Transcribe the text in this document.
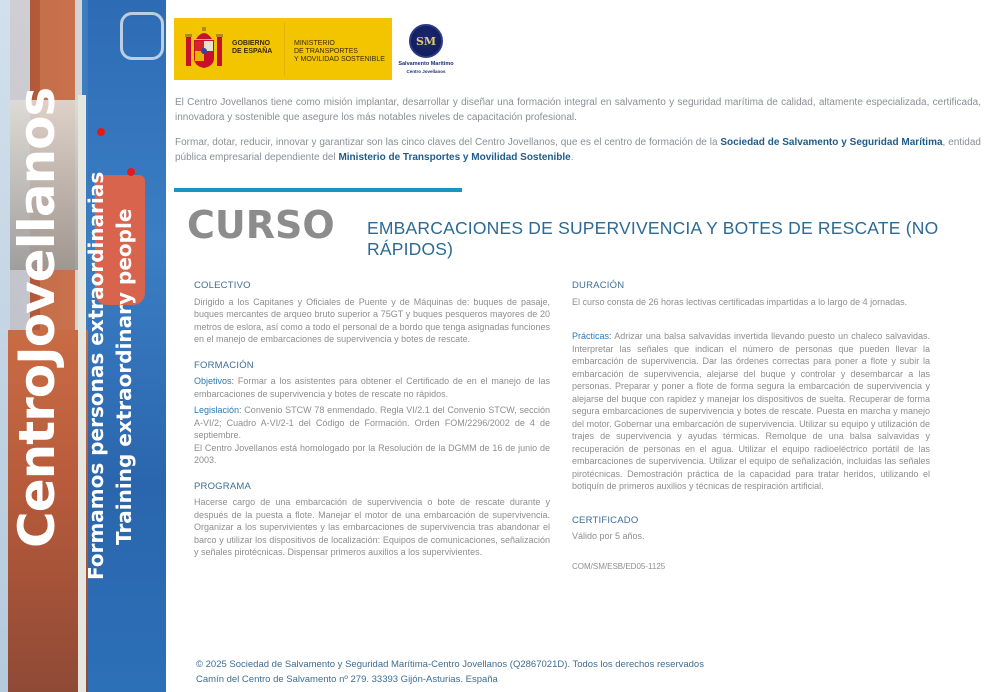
CentroJovellanos Formamos personas extraordinarias Training extraordinary people
GOBIERNO
DE ESPAÑA
MINISTERIO
DE TRANSPORTES
Y MOVILIDAD SOSTENIBLE
SM
Salvamento Marítimo
Centro Jovellanos

El Centro Jovellanos tiene como misión implantar, desarrollar y diseñar una formación integral en salvamento y seguridad marítima de calidad, altamente especializada, certificada, innovadora y sostenible que asegure los más notables niveles de capacitación profesional.

Formar, dotar, reducir, innovar y garantizar son las cinco claves del Centro Jovellanos, que es el centro de formación de la Sociedad de Salvamento y Seguridad Marítima, entidad pública empresarial dependiente del Ministerio de Transportes y Movilidad Sostenible.

CURSO EMBARCACIONES DE SUPERVIVENCIA Y BOTES DE RESCATE (NO RÁPIDOS)
COLECTIVO
Dirigido a los Capitanes y Oficiales de Puente y de Máquinas de: buques de pasaje, buques mercantes de arqueo bruto superior a 75GT y buques pesqueros mayores de 20 metros de eslora, así como a todo el personal de a bordo que tenga asignadas funciones en el manejo de embarcaciones de supervivencia y botes de rescate.
FORMACIÓN
Objetivos: Formar a los asistentes para obtener el Certificado de en el manejo de las embarcaciones de supervivencia y botes de rescate no rápidos.
Legislación: Convenio STCW 78 enmendado. Regla VI/2.1 del Convenio STCW, sección A-VI/2; Cuadro A-VI/2-1 del Código de Formación. Orden FOM/2296/2002 de 4 de septiembre.
El Centro Jovellanos está homologado por la Resolución de la DGMM de 16 de junio de 2003.
PROGRAMA
Hacerse cargo de una embarcación de supervivencia o bote de rescate durante y después de la puesta a flote. Manejar el motor de una embarcación de supervivencia. Organizar a los supervivientes y las embarcaciones de supervivencia tras abandonar el barco y utilizar los dispositivos de localización: Equipos de comunicaciones, señalización y señales pirotécnicas. Dispensar primeros auxilios a los supervivientes.
DURACIÓN
El curso consta de 26 horas lectivas certificadas impartidas a lo largo de 4 jornadas.
Prácticas: Adrizar una balsa salvavidas invertida llevando puesto un chaleco salvavidas. Interpretar las señales que indican el número de personas que pueden llevar la embarcación de supervivencia. Dar las órdenes correctas para poner a flote y subir la embarcación de supervivencia, alejarse del buque y controlar y desembarcar a las personas. Preparar y poner a flote de forma segura la embarcación de supervivencia y alejarse del buque con rapidez y manejar los dispositivos de suelta. Recuperar de forma segura embarcaciones de supervivencia y botes de rescate. Puesta en marcha y manejo del motor. Gobernar una embarcación de supervivencia. Utilizar su equipo y utilización de trajes de supervivencia y ayudas térmicas. Remolque de una balsa salvavidas y recuperación de personas en el agua. Utilizar el equipo radioeléctrico portátil de las embarcaciones de supervivencia. Utilizar el equipo de señalización, incluidas las señales pirotécnicas. Demostración práctica de la capacidad para tratar heridos, utilizando el botiquín de primeros auxilios y técnicas de respiración artificial.
CERTIFICADO
Válido por 5 años.
COM/SM/ESB/ED05-1125
© 2025 Sociedad de Salvamento y Seguridad Marítima-Centro Jovellanos (Q2867021D). Todos los derechos reservados
Camín del Centro de Salvamento nº 279. 33393 Gijón-Asturias. España
